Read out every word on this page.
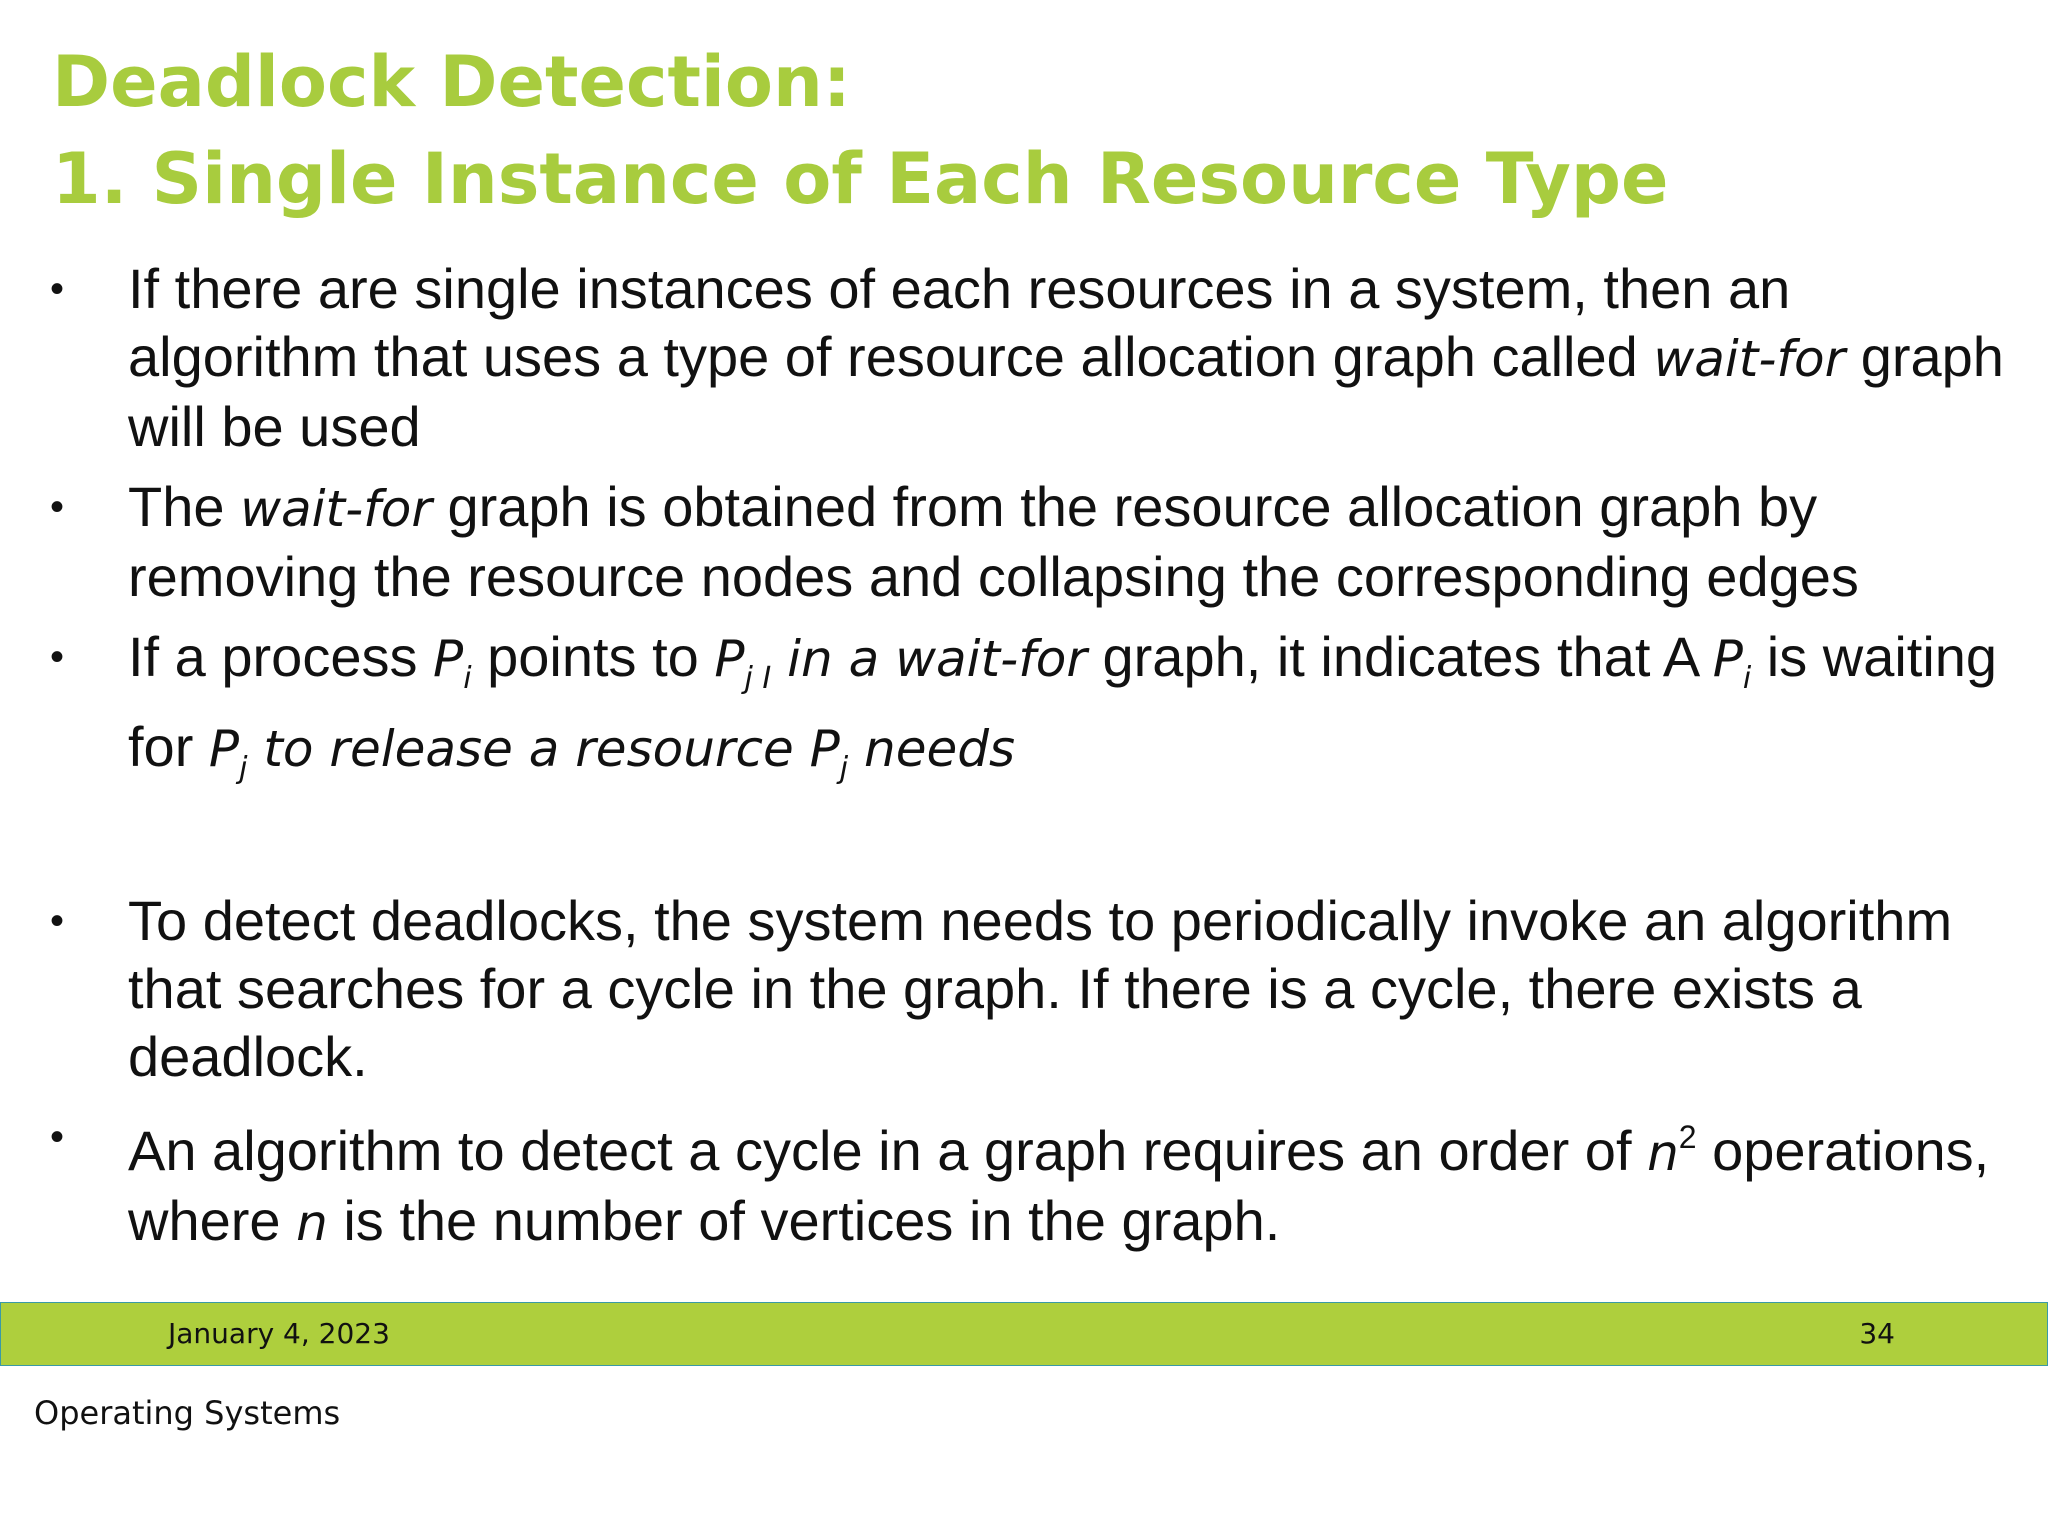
Deadlock Detection:
1. Single Instance of Each Resource Type
• If there are single instances of each resources in a system, then an algorithm that uses a type of resource allocation graph called wait-for graph will be used
• The wait-for graph is obtained from the resource allocation graph by removing the resource nodes and collapsing the corresponding edges
• If a process $P_i$ points to $P_{j I}$ in a wait-for graph, it indicates that A $P_i$ is waiting for $P_j$ to release a resource $P_j$ needs
• To detect deadlocks, the system needs to periodically invoke an algorithm that searches for a cycle in the graph. If there is a cycle, there exists a deadlock.
• An algorithm to detect a cycle in a graph requires an order of $n^2$ operations, where n is the number of vertices in the graph.
January 4, 2023	34
Operating Systems
